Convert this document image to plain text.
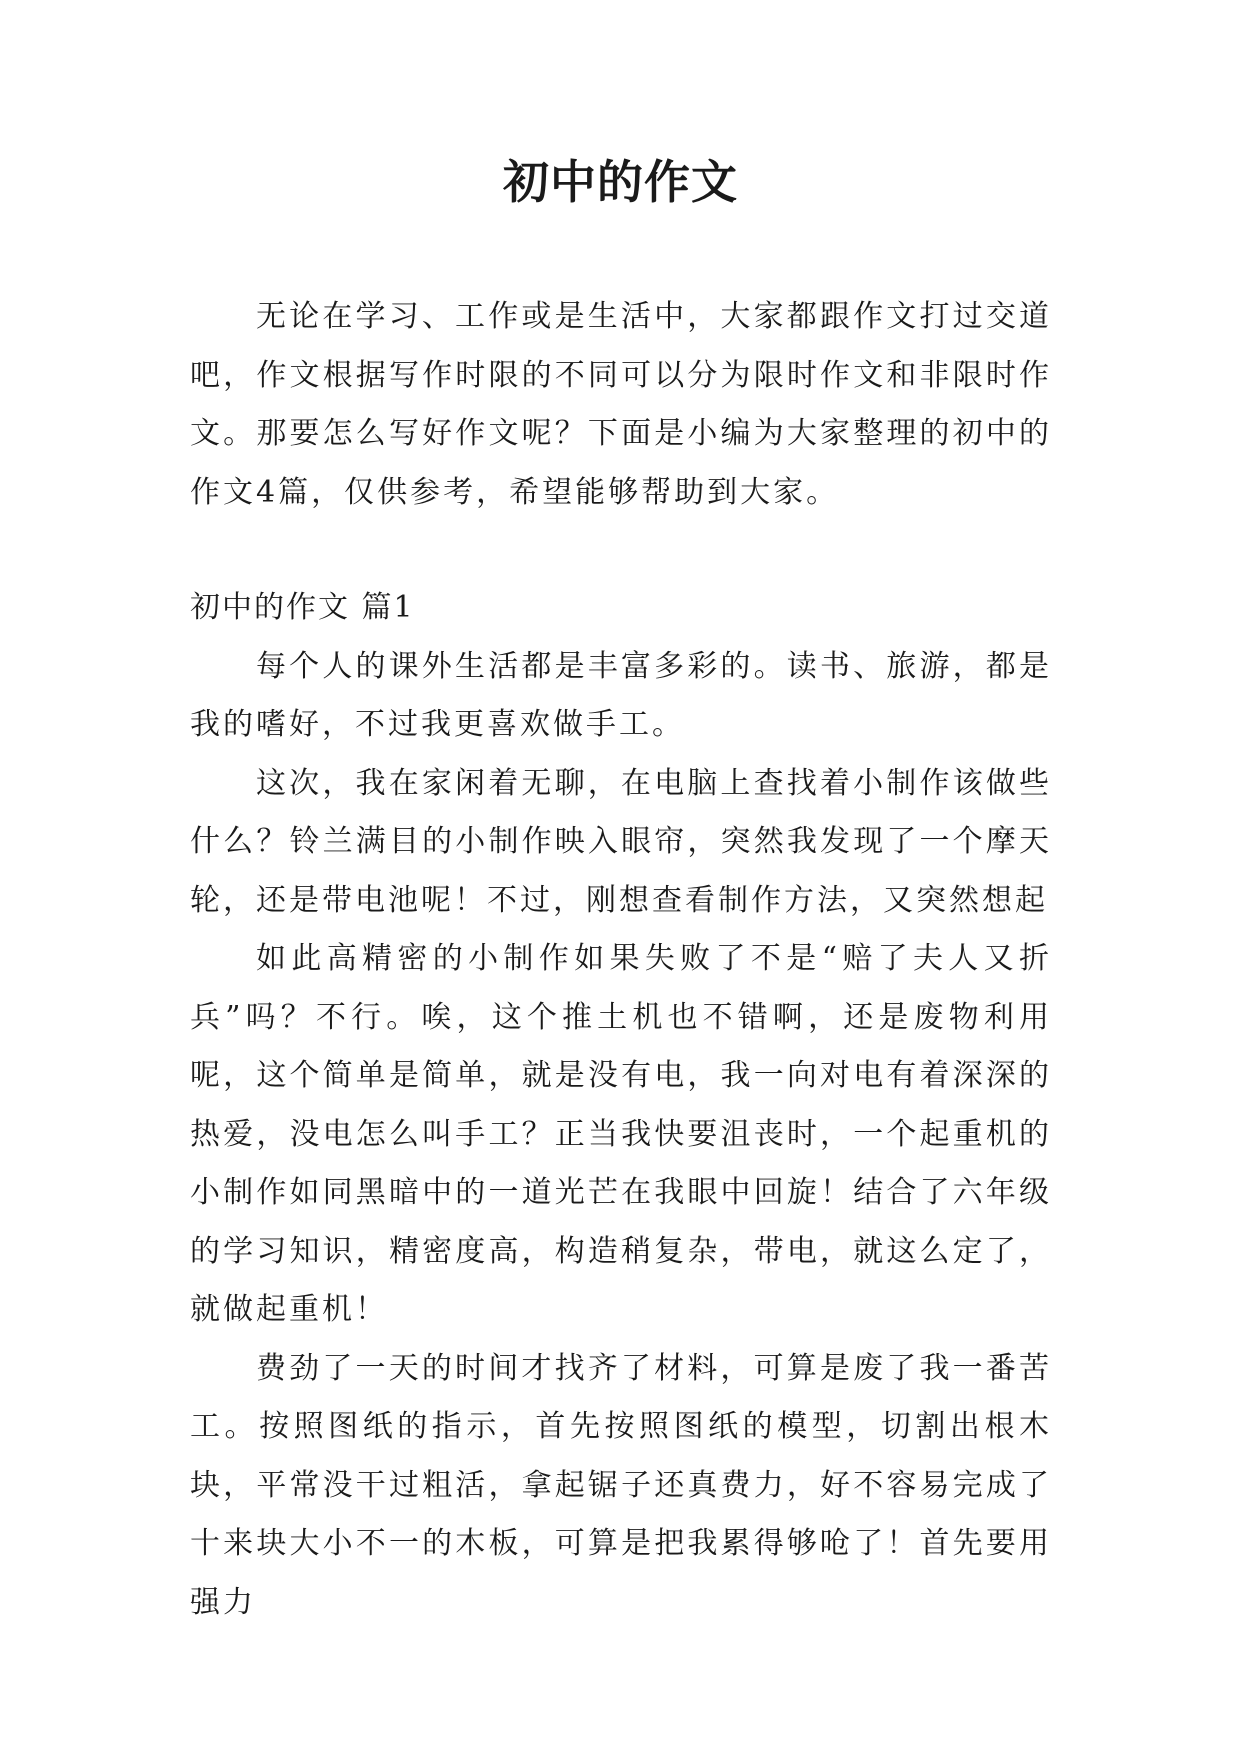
初中的作文

无论在学习、工作或是生活中，大家都跟作文打过交道吧，作文根据写作时限的不同可以分为限时作文和非限时作文。那要怎么写好作文呢？下面是小编为大家整理的初中的作文4篇，仅供参考，希望能够帮助到大家。

初中的作文 篇1

每个人的课外生活都是丰富多彩的。读书、旅游，都是我的嗜好，不过我更喜欢做手工。

这次，我在家闲着无聊，在电脑上查找着小制作该做些什么？铃兰满目的小制作映入眼帘，突然我发现了一个摩天轮，还是带电池呢！不过，刚想查看制作方法，又突然想起

如此高精密的小制作如果失败了不是“赔了夫人又折兵”吗？不行。唉，这个推土机也不错啊，还是废物利用呢，这个简单是简单，就是没有电，我一向对电有着深深的热爱，没电怎么叫手工？正当我快要沮丧时，一个起重机的小制作如同黑暗中的一道光芒在我眼中回旋！结合了六年级的学习知识，精密度高，构造稍复杂，带电，就这么定了，就做起重机！

费劲了一天的时间才找齐了材料，可算是废了我一番苦工。按照图纸的指示，首先按照图纸的模型，切割出根木块，平常没干过粗活，拿起锯子还真费力，好不容易完成了十来块大小不一的木板，可算是把我累得够呛了！首先要用强力
